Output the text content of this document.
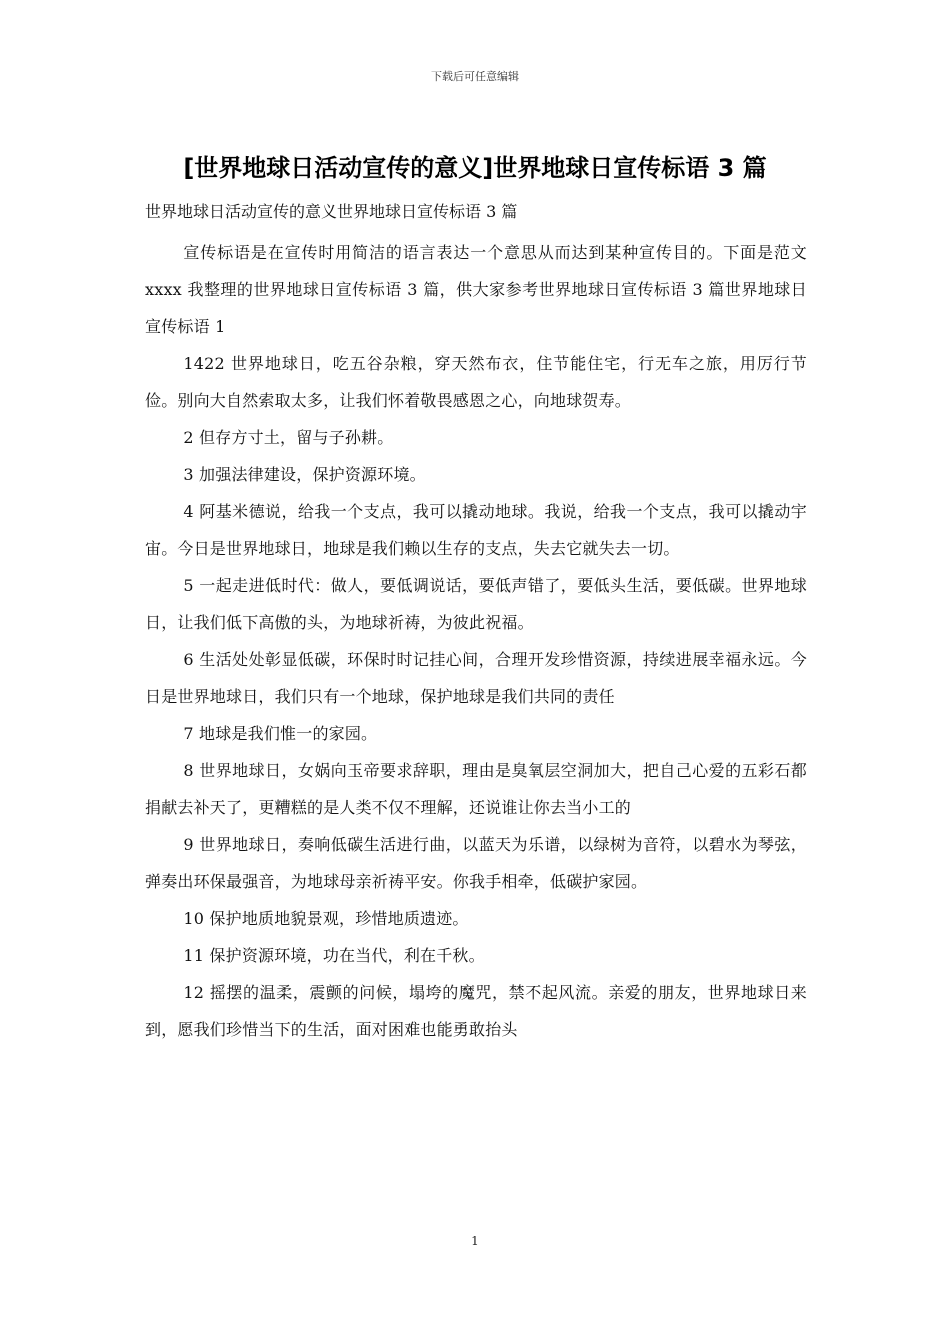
下载后可任意编辑
[世界地球日活动宣传的意义]世界地球日宣传标语 3 篇
世界地球日活动宣传的意义世界地球日宣传标语 3 篇

宣传标语是在宣传时用简洁的语言表达一个意思从而达到某种宣传目的。下面是范文 xxxx 我整理的世界地球日宣传标语 3 篇，供大家参考世界地球日宣传标语 3 篇世界地球日宣传标语 1

1422 世界地球日，吃五谷杂粮，穿天然布衣，住节能住宅，行无车之旅，用厉行节俭。别向大自然索取太多，让我们怀着敬畏感恩之心，向地球贺寿。

2 但存方寸土，留与子孙耕。

3 加强法律建设，保护资源环境。

4 阿基米德说，给我一个支点，我可以撬动地球。我说，给我一个支点，我可以撬动宇宙。今日是世界地球日，地球是我们赖以生存的支点，失去它就失去一切。

5 一起走进低时代：做人，要低调说话，要低声错了，要低头生活，要低碳。世界地球日，让我们低下高傲的头，为地球祈祷，为彼此祝福。

6 生活处处彰显低碳，环保时时记挂心间，合理开发珍惜资源，持续进展幸福永远。今日是世界地球日，我们只有一个地球，保护地球是我们共同的责任

7 地球是我们惟一的家园。

8 世界地球日，女娲向玉帝要求辞职，理由是臭氧层空洞加大，把自己心爱的五彩石都捐献去补天了，更糟糕的是人类不仅不理解，还说谁让你去当小工的

9 世界地球日，奏响低碳生活进行曲，以蓝天为乐谱，以绿树为音符，以碧水为琴弦，弹奏出环保最强音，为地球母亲祈祷平安。你我手相牵，低碳护家园。

10 保护地质地貌景观，珍惜地质遗迹。

11 保护资源环境，功在当代，利在千秋。

12 摇摆的温柔，震颤的问候，塌垮的魔咒，禁不起风流。亲爱的朋友，世界地球日来到，愿我们珍惜当下的生活，面对困难也能勇敢抬头

1
